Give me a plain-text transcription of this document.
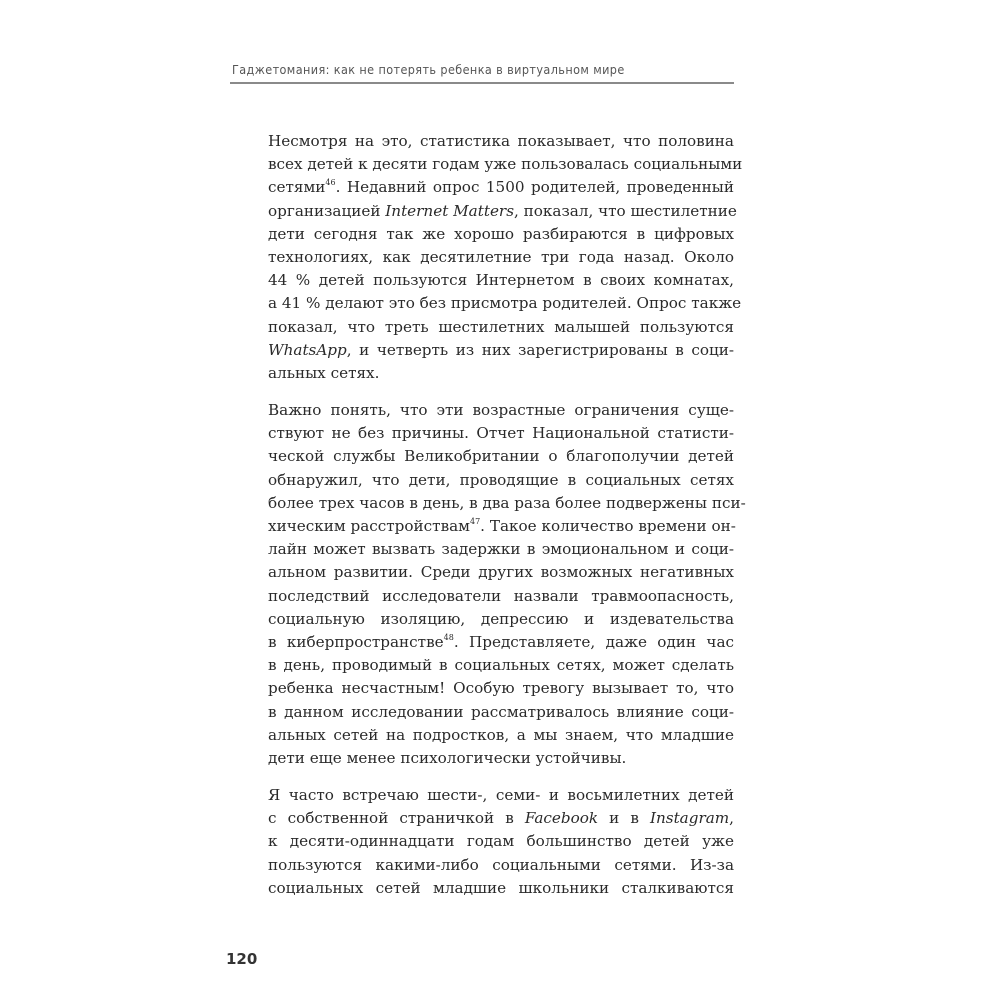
Гаджетомания: как не потерять ребенка в виртуальном мире
Несмотря на это, статистика показывает, что половина
всех детей к десяти годам уже пользовалась социальными
сетями$^{46}$. Недавний опрос 1500 родителей, проведенный
организацией Internet Matters, показал, что шестилетние
дети сегодня так же хорошо разбираются в цифровых
технологиях, как десятилетние три года назад. Около
44 % детей пользуются Интернетом в своих комнатах,
а 41 % делают это без присмотра родителей. Опрос также
показал, что треть шестилетних малышей пользуются
WhatsApp, и четверть из них зарегистрированы в соци-
альных сетях.
Важно понять, что эти возрастные ограничения суще-
ствуют не без причины. Отчет Национальной статисти-
ческой службы Великобритании о благополучии детей
обнаружил, что дети, проводящие в социальных сетях
более трех часов в день, в два раза более подвержены пси-
хическим расстройствам$^{47}$. Такое количество времени он-
лайн может вызвать задержки в эмоциональном и соци-
альном развитии. Среди других возможных негативных
последствий исследователи назвали травмоопасность,
социальную изоляцию, депрессию и издевательства
в киберпространстве$^{48}$. Представляете, даже один час
в день, проводимый в социальных сетях, может сделать
ребенка несчастным! Особую тревогу вызывает то, что
в данном исследовании рассматривалось влияние соци-
альных сетей на подростков, а мы знаем, что младшие
дети еще менее психологически устойчивы.
Я часто встречаю шести-, семи- и восьмилетних детей
с собственной страничкой в Facebook и в Instagram,
к десяти-одиннадцати годам большинство детей уже
пользуются какими-либо социальными сетями. Из-за
социальных сетей младшие школьники сталкиваются
120
